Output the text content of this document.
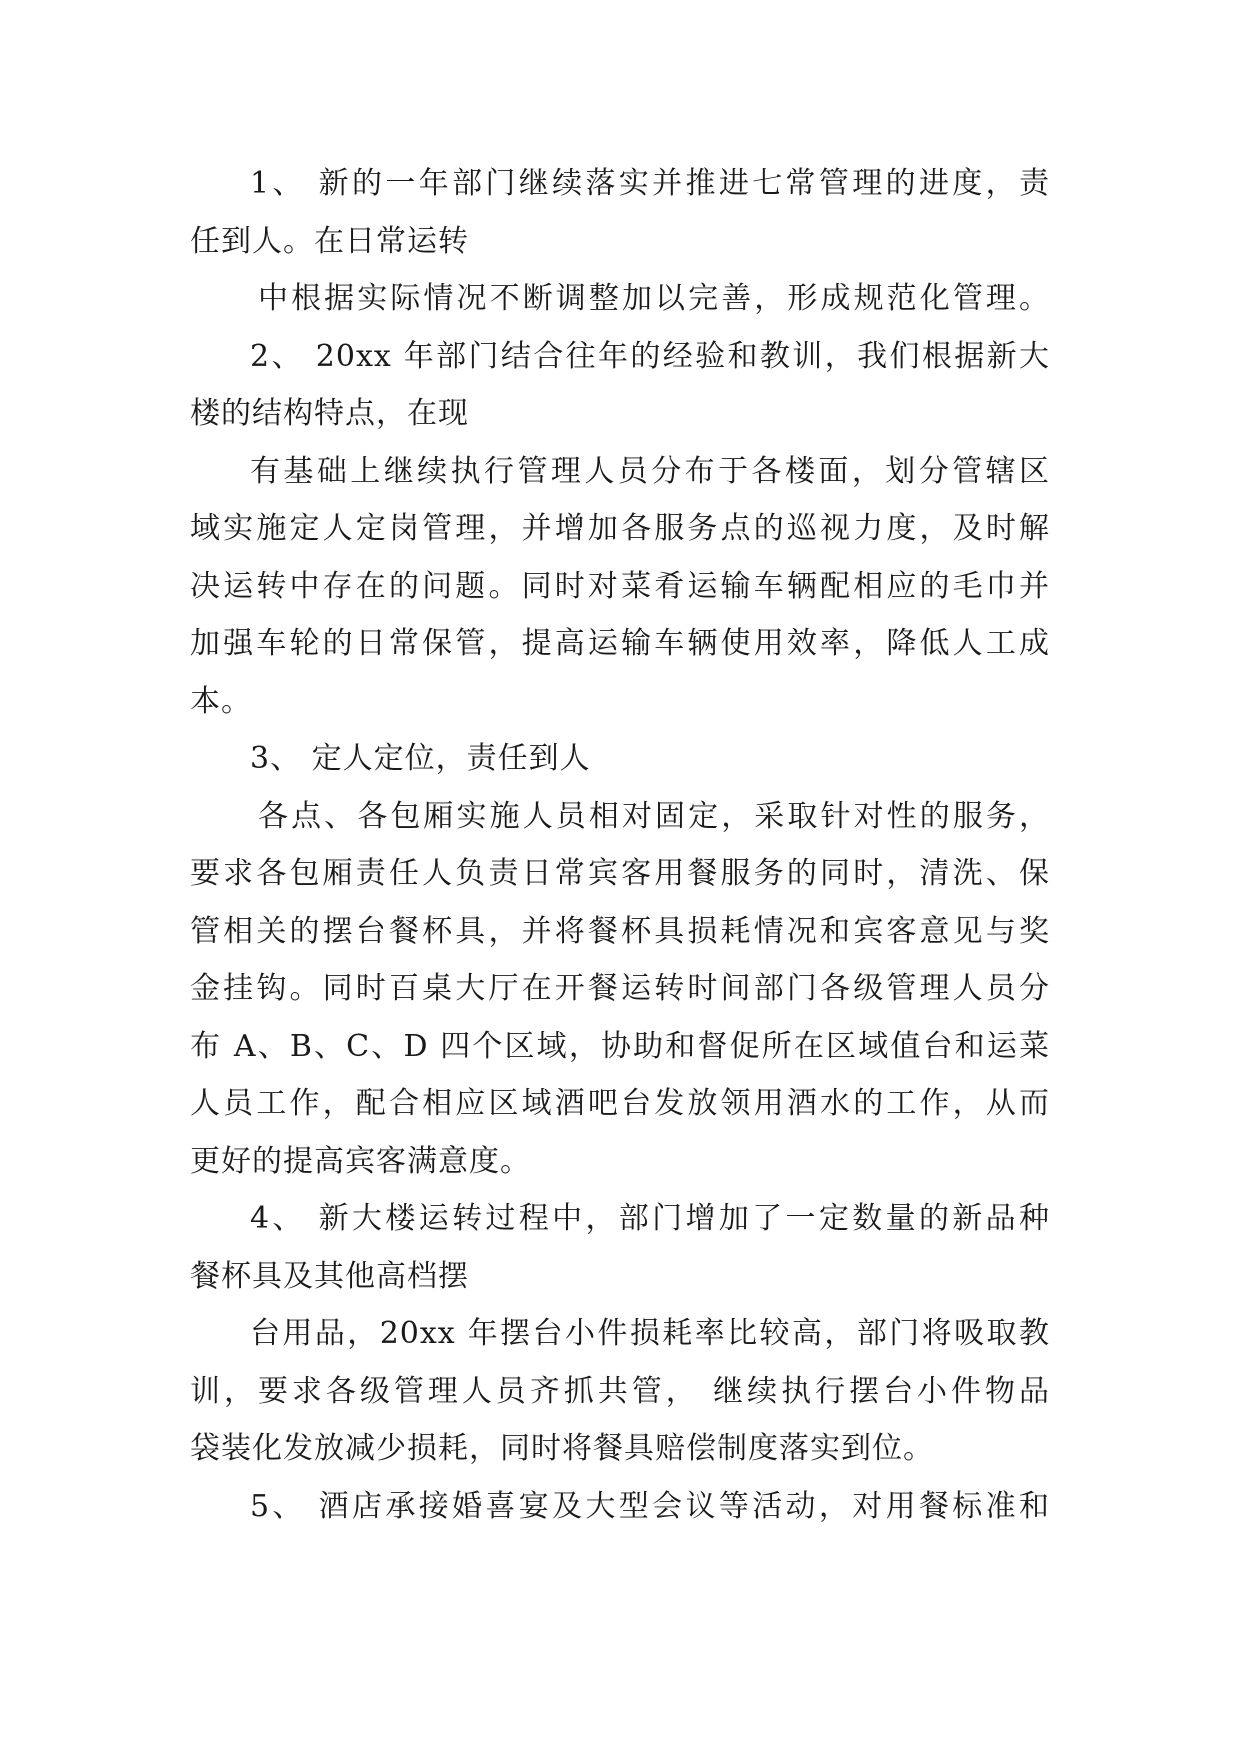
1、 新的一年部门继续落实并推进七常管理的进度，责
任到人。在日常运转
中根据实际情况不断调整加以完善，形成规范化管理。
2、 20xx 年部门结合往年的经验和教训，我们根据新大
楼的结构特点，在现
有基础上继续执行管理人员分布于各楼面，划分管辖区
域实施定人定岗管理，并增加各服务点的巡视力度，及时解
决运转中存在的问题。同时对菜肴运输车辆配相应的毛巾并
加强车轮的日常保管，提高运输车辆使用效率，降低人工成
本。
3、 定人定位，责任到人
各点、各包厢实施人员相对固定，采取针对性的服务，
要求各包厢责任人负责日常宾客用餐服务的同时，清洗、保
管相关的摆台餐杯具，并将餐杯具损耗情况和宾客意见与奖
金挂钩。同时百桌大厅在开餐运转时间部门各级管理人员分
布 A、B、C、D 四个区域，协助和督促所在区域值台和运菜
人员工作，配合相应区域酒吧台发放领用酒水的工作，从而
更好的提高宾客满意度。
4、 新大楼运转过程中，部门增加了一定数量的新品种
餐杯具及其他高档摆
台用品，20xx 年摆台小件损耗率比较高，部门将吸取教
训，要求各级管理人员齐抓共管， 继续执行摆台小件物品
袋装化发放减少损耗，同时将餐具赔偿制度落实到位。
5、 酒店承接婚喜宴及大型会议等活动，对用餐标准和
